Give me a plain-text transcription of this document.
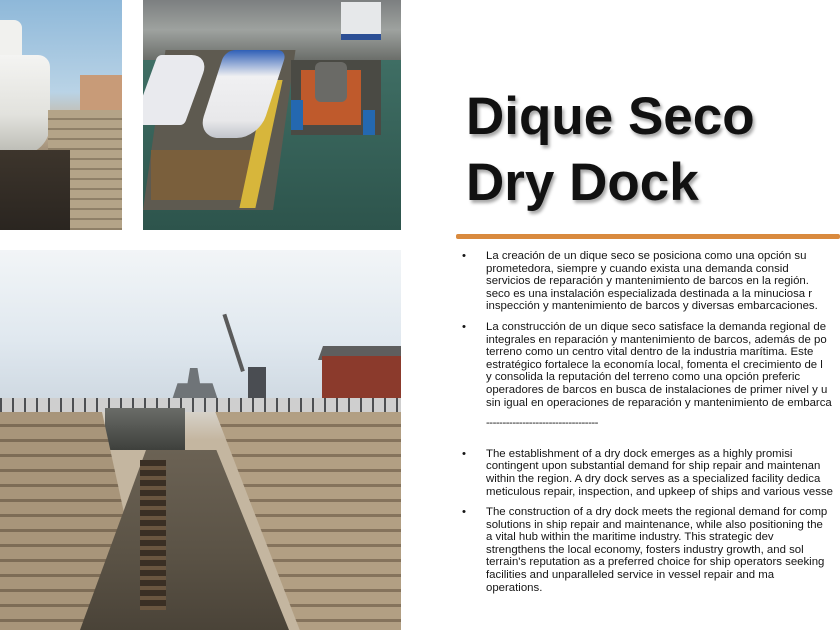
Dique Seco
Dry Dock

• La creación de un dique seco se posiciona como una opción su

prometedora, siempre y cuando exista una demanda consid

servicios de reparación y mantenimiento de barcos en la región.

seco es una instalación especializada destinada a la minuciosa r

inspección y mantenimiento de barcos y diversas embarcaciones.

• La construcción de un dique seco satisface la demanda regional de

integrales en reparación y mantenimiento de barcos, además de po

terreno como un centro vital dentro de la industria marítima. Este

estratégico fortalece la economía local, fomenta el crecimiento de l

y consolida la reputación del terreno como una opción preferic

operadores de barcos en busca de instalaciones de primer nivel y u

sin igual en operaciones de reparación y mantenimiento de embarca

----------------------------------

• The establishment of a dry dock emerges as a highly promisi

contingent upon substantial demand for ship repair and maintenan

within the region. A dry dock serves as a specialized facility dedica

meticulous repair, inspection, and upkeep of ships and various vesse

• The construction of a dry dock meets the regional demand for comp

solutions in ship repair and maintenance, while also positioning the

a vital hub within the maritime industry. This strategic dev

strengthens the local economy, fosters industry growth, and sol

terrain's reputation as a preferred choice for ship operators seeking

facilities and unparalleled service in vessel repair and ma

operations.
